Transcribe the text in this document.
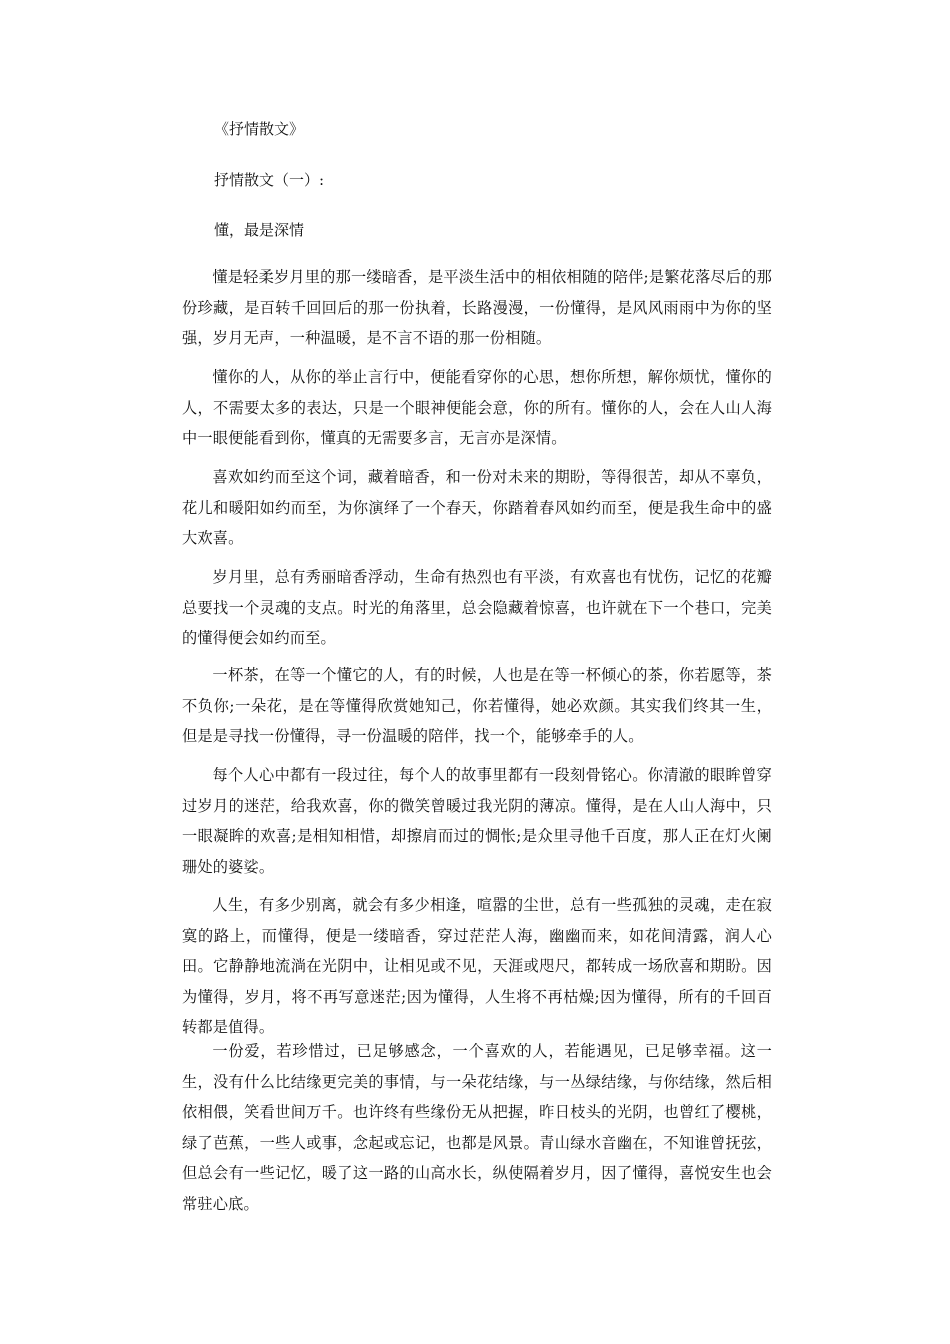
《抒情散文》
抒情散文（一）:
懂，最是深情

懂是轻柔岁月里的那一缕暗香，是平淡生活中的相依相随的陪伴;是繁花落尽后的那份珍藏，是百转千回回后的那一份执着，长路漫漫，一份懂得，是风风雨雨中为你的坚强，岁月无声，一种温暖，是不言不语的那一份相随。

懂你的人，从你的举止言行中，便能看穿你的心思，想你所想，解你烦忧，懂你的人，不需要太多的表达，只是一个眼神便能会意，你的所有。懂你的人，会在人山人海中一眼便能看到你，懂真的无需要多言，无言亦是深情。

喜欢如约而至这个词，藏着暗香，和一份对未来的期盼，等得很苦，却从不辜负，花儿和暖阳如约而至，为你演绎了一个春天，你踏着春风如约而至，便是我生命中的盛大欢喜。

岁月里，总有秀丽暗香浮动，生命有热烈也有平淡，有欢喜也有忧伤，记忆的花瓣总要找一个灵魂的支点。时光的角落里，总会隐藏着惊喜，也许就在下一个巷口，完美的懂得便会如约而至。

一杯茶，在等一个懂它的人，有的时候，人也是在等一杯倾心的茶，你若愿等，茶不负你;一朵花，是在等懂得欣赏她知己，你若懂得，她必欢颜。其实我们终其一生，但是是寻找一份懂得，寻一份温暖的陪伴，找一个，能够牵手的人。

每个人心中都有一段过往，每个人的故事里都有一段刻骨铭心。你清澈的眼眸曾穿过岁月的迷茫，给我欢喜，你的微笑曾暖过我光阴的薄凉。懂得，是在人山人海中，只一眼凝眸的欢喜;是相知相惜，却擦肩而过的惆怅;是众里寻他千百度，那人正在灯火阑珊处的婆娑。

人生，有多少别离，就会有多少相逢，喧嚣的尘世，总有一些孤独的灵魂，走在寂寞的路上，而懂得，便是一缕暗香，穿过茫茫人海，幽幽而来，如花间清露，润人心田。它静静地流淌在光阴中，让相见或不见，天涯或咫尺，都转成一场欣喜和期盼。因为懂得，岁月，将不再写意迷茫;因为懂得，人生将不再枯燥;因为懂得，所有的千回百转都是值得。

一份爱，若珍惜过，已足够感念，一个喜欢的人，若能遇见，已足够幸福。这一生，没有什么比结缘更完美的事情，与一朵花结缘，与一丛绿结缘，与你结缘，然后相依相偎，笑看世间万千。也许终有些缘份无从把握，昨日枝头的光阴，也曾红了樱桃，绿了芭蕉，一些人或事，念起或忘记，也都是风景。青山绿水音幽在，不知谁曾抚弦，但总会有一些记忆，暖了这一路的山高水长，纵使隔着岁月，因了懂得，喜悦安生也会常驻心底。
